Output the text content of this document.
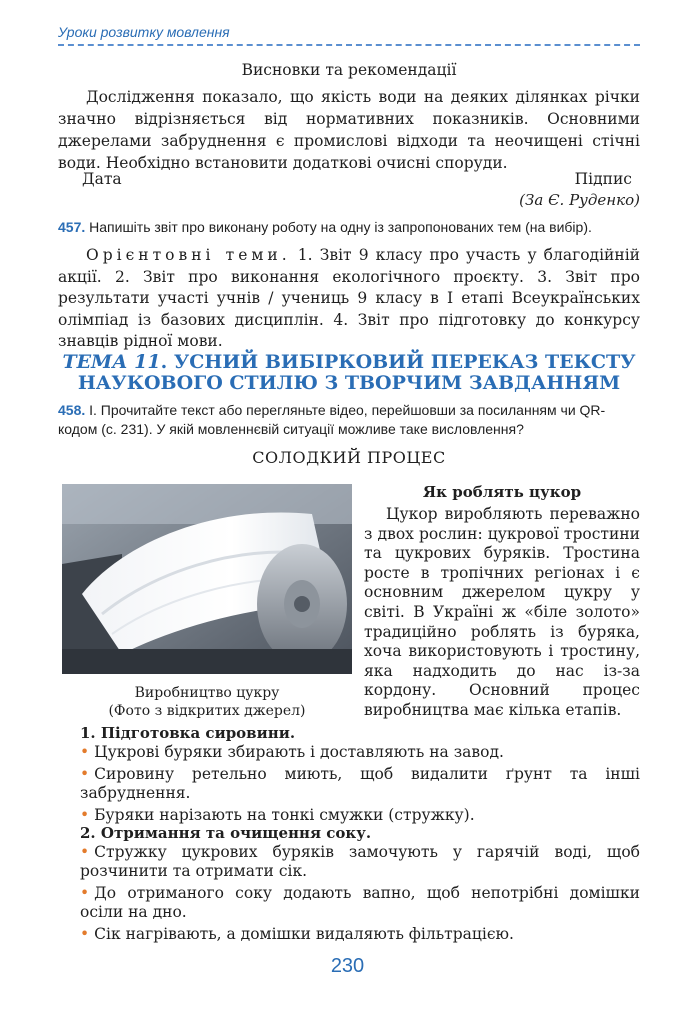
Уроки розвитку мовлення
Висновки та рекомендації
Дослідження показало, що якість води на деяких ділянках річки значно відрізняється від нормативних показників. Основними джерелами забруднення є промислові відходи та неочищені стічні води. Необхідно встановити додаткові очисні споруди.
Дата	Підпис
(За Є. Руденко)
457. Напишіть звіт про виконану роботу на одну із запропонованих тем (на вибір).
Орієнтовні теми. 1. Звіт 9 класу про участь у благодійній акції. 2. Звіт про виконання екологічного проєкту. 3. Звіт про результати участі учнів / учениць 9 класу в I етапі Всеукраїнських олімпіад із базових дисциплін. 4. Звіт про підготовку до конкурсу знавців рідної мови.
ТЕМА 11. УСНИЙ ВИБІРКОВИЙ ПЕРЕКАЗ ТЕКСТУ
НАУКОВОГО СТИЛЮ З ТВОРЧИМ ЗАВДАННЯМ
458. І. Прочитайте текст або перегляньте відео, перейшовши за посиланням чи QR-кодом (с. 231). У якій мовленнєвій ситуації можливе таке висловлення?
СОЛОДКИЙ ПРОЦЕС
Виробництво цукру
(Фото з відкритих джерел)
Як роблять цукор
Цукор виробляють переважно з двох рослин: цукрової тростини та цукрових буряків. Тростина росте в тропічних регіонах і є основним джерелом цукру у світі. В Україні ж «біле золото» традиційно роблять із буряка, хоча використовують і тростину, яка надходить до нас із-за кордону. Основний процес виробництва має кілька етапів.
1. Підготовка сировини.
• Цукрові буряки збирають і доставляють на завод.
• Сировину ретельно миють, щоб видалити ґрунт та інші забруднення.
• Буряки нарізають на тонкі смужки (стружку).
2. Отримання та очищення соку.
• Стружку цукрових буряків замочують у гарячій воді, щоб розчинити та отримати сік.
• До отриманого соку додають вапно, щоб непотрібні домішки осіли на дно.
• Сік нагрівають, а домішки видаляють фільтрацією.
230
